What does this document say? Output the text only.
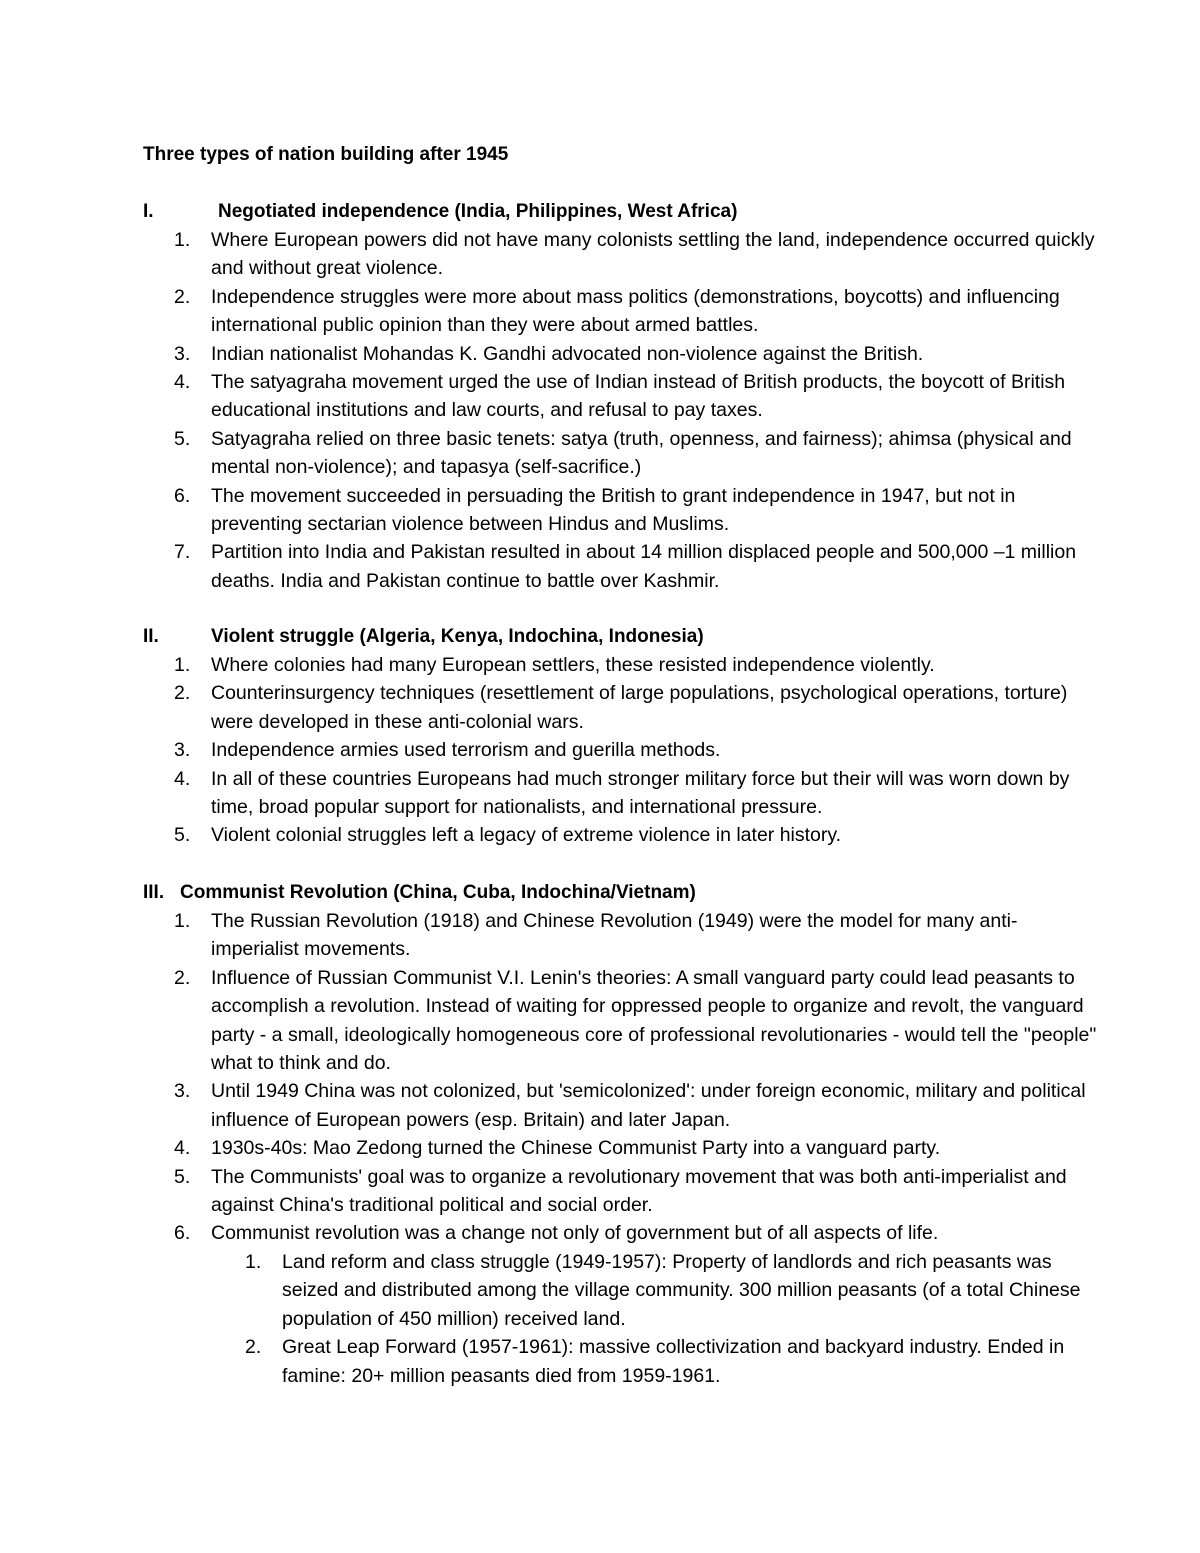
Three types of nation building after 1945
I.	Negotiated independence (India, Philippines, West Africa)
1. Where European powers did not have many colonists settling the land, independence occurred quickly and without great violence.
2. Independence struggles were more about mass politics (demonstrations, boycotts) and influencing international public opinion than they were about armed battles.
3. Indian nationalist Mohandas K. Gandhi advocated non-violence against the British.
4. The satyagraha movement urged the use of Indian instead of British products, the boycott of British educational institutions and law courts, and refusal to pay taxes.
5. Satyagraha relied on three basic tenets: satya (truth, openness, and fairness); ahimsa (physical and mental non-violence); and tapasya (self-sacrifice.)
6. The movement succeeded in persuading the British to grant independence in 1947, but not in preventing sectarian violence between Hindus and Muslims.
7. Partition into India and Pakistan resulted in about 14 million displaced people and 500,000 –1 million deaths. India and Pakistan continue to battle over Kashmir.
II.	Violent struggle (Algeria, Kenya, Indochina, Indonesia)
1. Where colonies had many European settlers, these resisted independence violently.
2. Counterinsurgency techniques (resettlement of large populations, psychological operations, torture) were developed in these anti-colonial wars.
3. Independence armies used terrorism and guerilla methods.
4. In all of these countries Europeans had much stronger military force but their will was worn down by time, broad popular support for nationalists, and international pressure.
5. Violent colonial struggles left a legacy of extreme violence in later history.
III. Communist Revolution (China, Cuba, Indochina/Vietnam)
1. The Russian Revolution (1918) and Chinese Revolution (1949) were the model for many anti-imperialist movements.
2. Influence of Russian Communist V.I. Lenin's theories: A small vanguard party could lead peasants to accomplish a revolution. Instead of waiting for oppressed people to organize and revolt, the vanguard party - a small, ideologically homogeneous core of professional revolutionaries - would tell the "people" what to think and do.
3. Until 1949 China was not colonized, but 'semicolonized': under foreign economic, military and political influence of European powers (esp. Britain) and later Japan.
4. 1930s-40s: Mao Zedong turned the Chinese Communist Party into a vanguard party.
5. The Communists' goal was to organize a revolutionary movement that was both anti-imperialist and against China's traditional political and social order.
6. Communist revolution was a change not only of government but of all aspects of life.
1. Land reform and class struggle (1949-1957): Property of landlords and rich peasants was seized and distributed among the village community. 300 million peasants (of a total Chinese population of 450 million) received land.
2. Great Leap Forward (1957-1961): massive collectivization and backyard industry. Ended in famine: 20+ million peasants died from 1959-1961.
